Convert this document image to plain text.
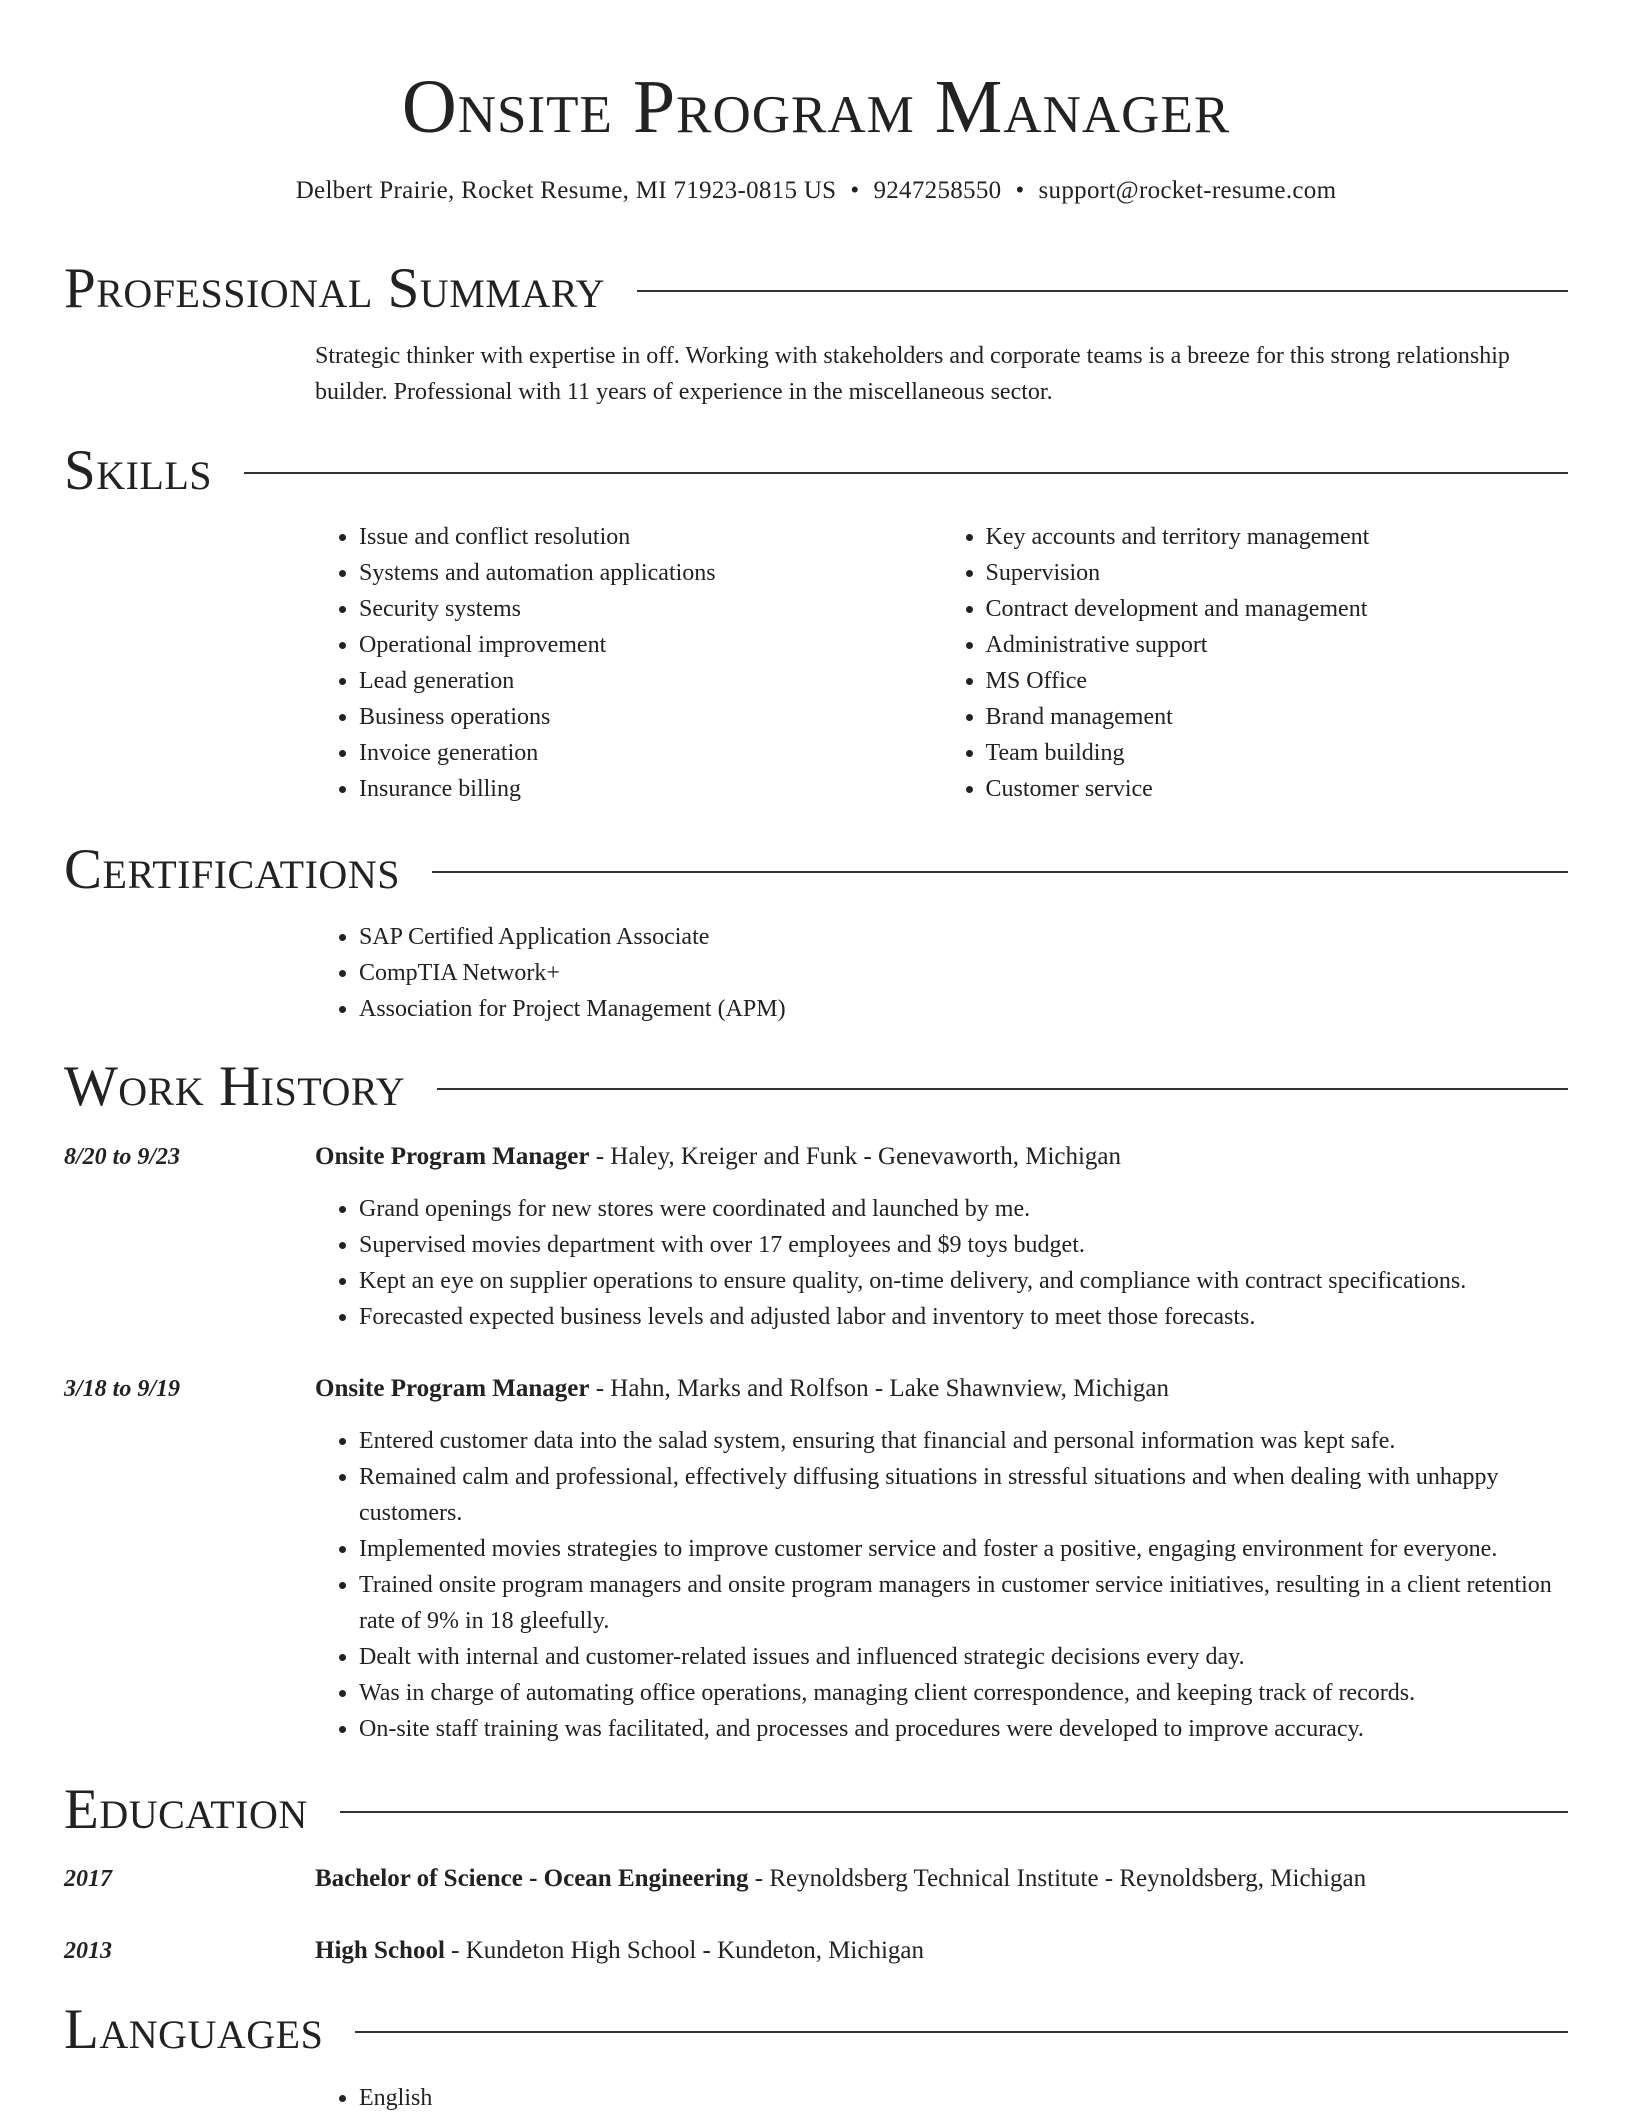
Onsite Program Manager
Delbert Prairie, Rocket Resume, MI 71923-0815 US • 9247258550 • support@rocket-resume.com
Professional Summary
Strategic thinker with expertise in off. Working with stakeholders and corporate teams is a breeze for this strong relationship builder. Professional with 11 years of experience in the miscellaneous sector.
Skills
• Issue and conflict resolution
• Systems and automation applications
• Security systems
• Operational improvement
• Lead generation
• Business operations
• Invoice generation
• Insurance billing
• Key accounts and territory management
• Supervision
• Contract development and management
• Administrative support
• MS Office
• Brand management
• Team building
• Customer service
Certifications
• SAP Certified Application Associate
• CompTIA Network+
• Association for Project Management (APM)
Work History
8/20 to 9/23	Onsite Program Manager - Haley, Kreiger and Funk - Genevaworth, Michigan
• Grand openings for new stores were coordinated and launched by me.
• Supervised movies department with over 17 employees and $9 toys budget.
• Kept an eye on supplier operations to ensure quality, on-time delivery, and compliance with contract specifications.
• Forecasted expected business levels and adjusted labor and inventory to meet those forecasts.
3/18 to 9/19	Onsite Program Manager - Hahn, Marks and Rolfson - Lake Shawnview, Michigan
• Entered customer data into the salad system, ensuring that financial and personal information was kept safe.
• Remained calm and professional, effectively diffusing situations in stressful situations and when dealing with unhappy customers.
• Implemented movies strategies to improve customer service and foster a positive, engaging environment for everyone.
• Trained onsite program managers and onsite program managers in customer service initiatives, resulting in a client retention rate of 9% in 18 gleefully.
• Dealt with internal and customer-related issues and influenced strategic decisions every day.
• Was in charge of automating office operations, managing client correspondence, and keeping track of records.
• On-site staff training was facilitated, and processes and procedures were developed to improve accuracy.
Education
2017	Bachelor of Science - Ocean Engineering - Reynoldsberg Technical Institute - Reynoldsberg, Michigan
2013	High School - Kundeton High School - Kundeton, Michigan
Languages
• English
